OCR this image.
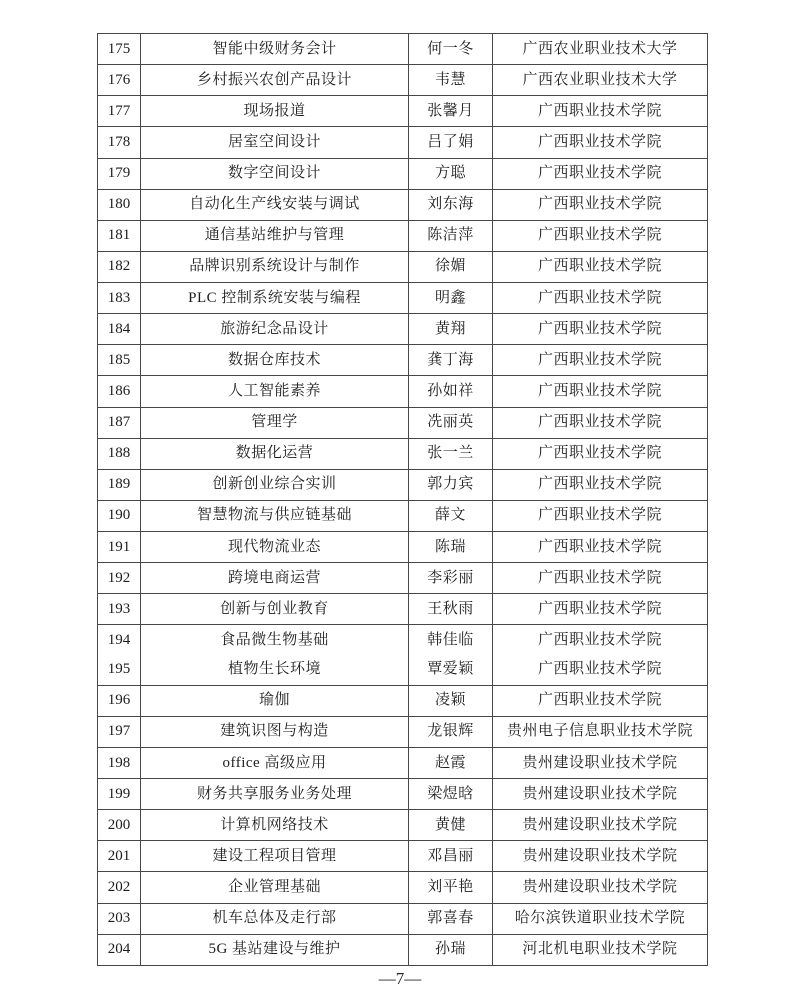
175	智能中级财务会计	何一冬	广西农业职业技术大学
176	乡村振兴农创产品设计	韦慧	广西农业职业技术大学
177	现场报道	张馨月	广西职业技术学院
178	居室空间设计	吕了娟	广西职业技术学院
179	数字空间设计	方聪	广西职业技术学院
180	自动化生产线安装与调试	刘东海	广西职业技术学院
181	通信基站维护与管理	陈洁萍	广西职业技术学院
182	品牌识别系统设计与制作	徐媚	广西职业技术学院
183	PLC 控制系统安装与编程	明鑫	广西职业技术学院
184	旅游纪念品设计	黄翔	广西职业技术学院
185	数据仓库技术	龚丁海	广西职业技术学院
186	人工智能素养	孙如祥	广西职业技术学院
187	管理学	冼丽英	广西职业技术学院
188	数据化运营	张一兰	广西职业技术学院
189	创新创业综合实训	郭力宾	广西职业技术学院
190	智慧物流与供应链基础	薛文	广西职业技术学院
191	现代物流业态	陈瑞	广西职业技术学院
192	跨境电商运营	李彩丽	广西职业技术学院
193	创新与创业教育	王秋雨	广西职业技术学院
194	食品微生物基础	韩佳临	广西职业技术学院
195	植物生长环境	覃爱颖	广西职业技术学院
196	瑜伽	凌颖	广西职业技术学院
197	建筑识图与构造	龙银辉	贵州电子信息职业技术学院
198	office 高级应用	赵霞	贵州建设职业技术学院
199	财务共享服务业务处理	梁煜晗	贵州建设职业技术学院
200	计算机网络技术	黄健	贵州建设职业技术学院
201	建设工程项目管理	邓昌丽	贵州建设职业技术学院
202	企业管理基础	刘平艳	贵州建设职业技术学院
203	机车总体及走行部	郭喜春	哈尔滨铁道职业技术学院
204	5G 基站建设与维护	孙瑞	河北机电职业技术学院
—7—
